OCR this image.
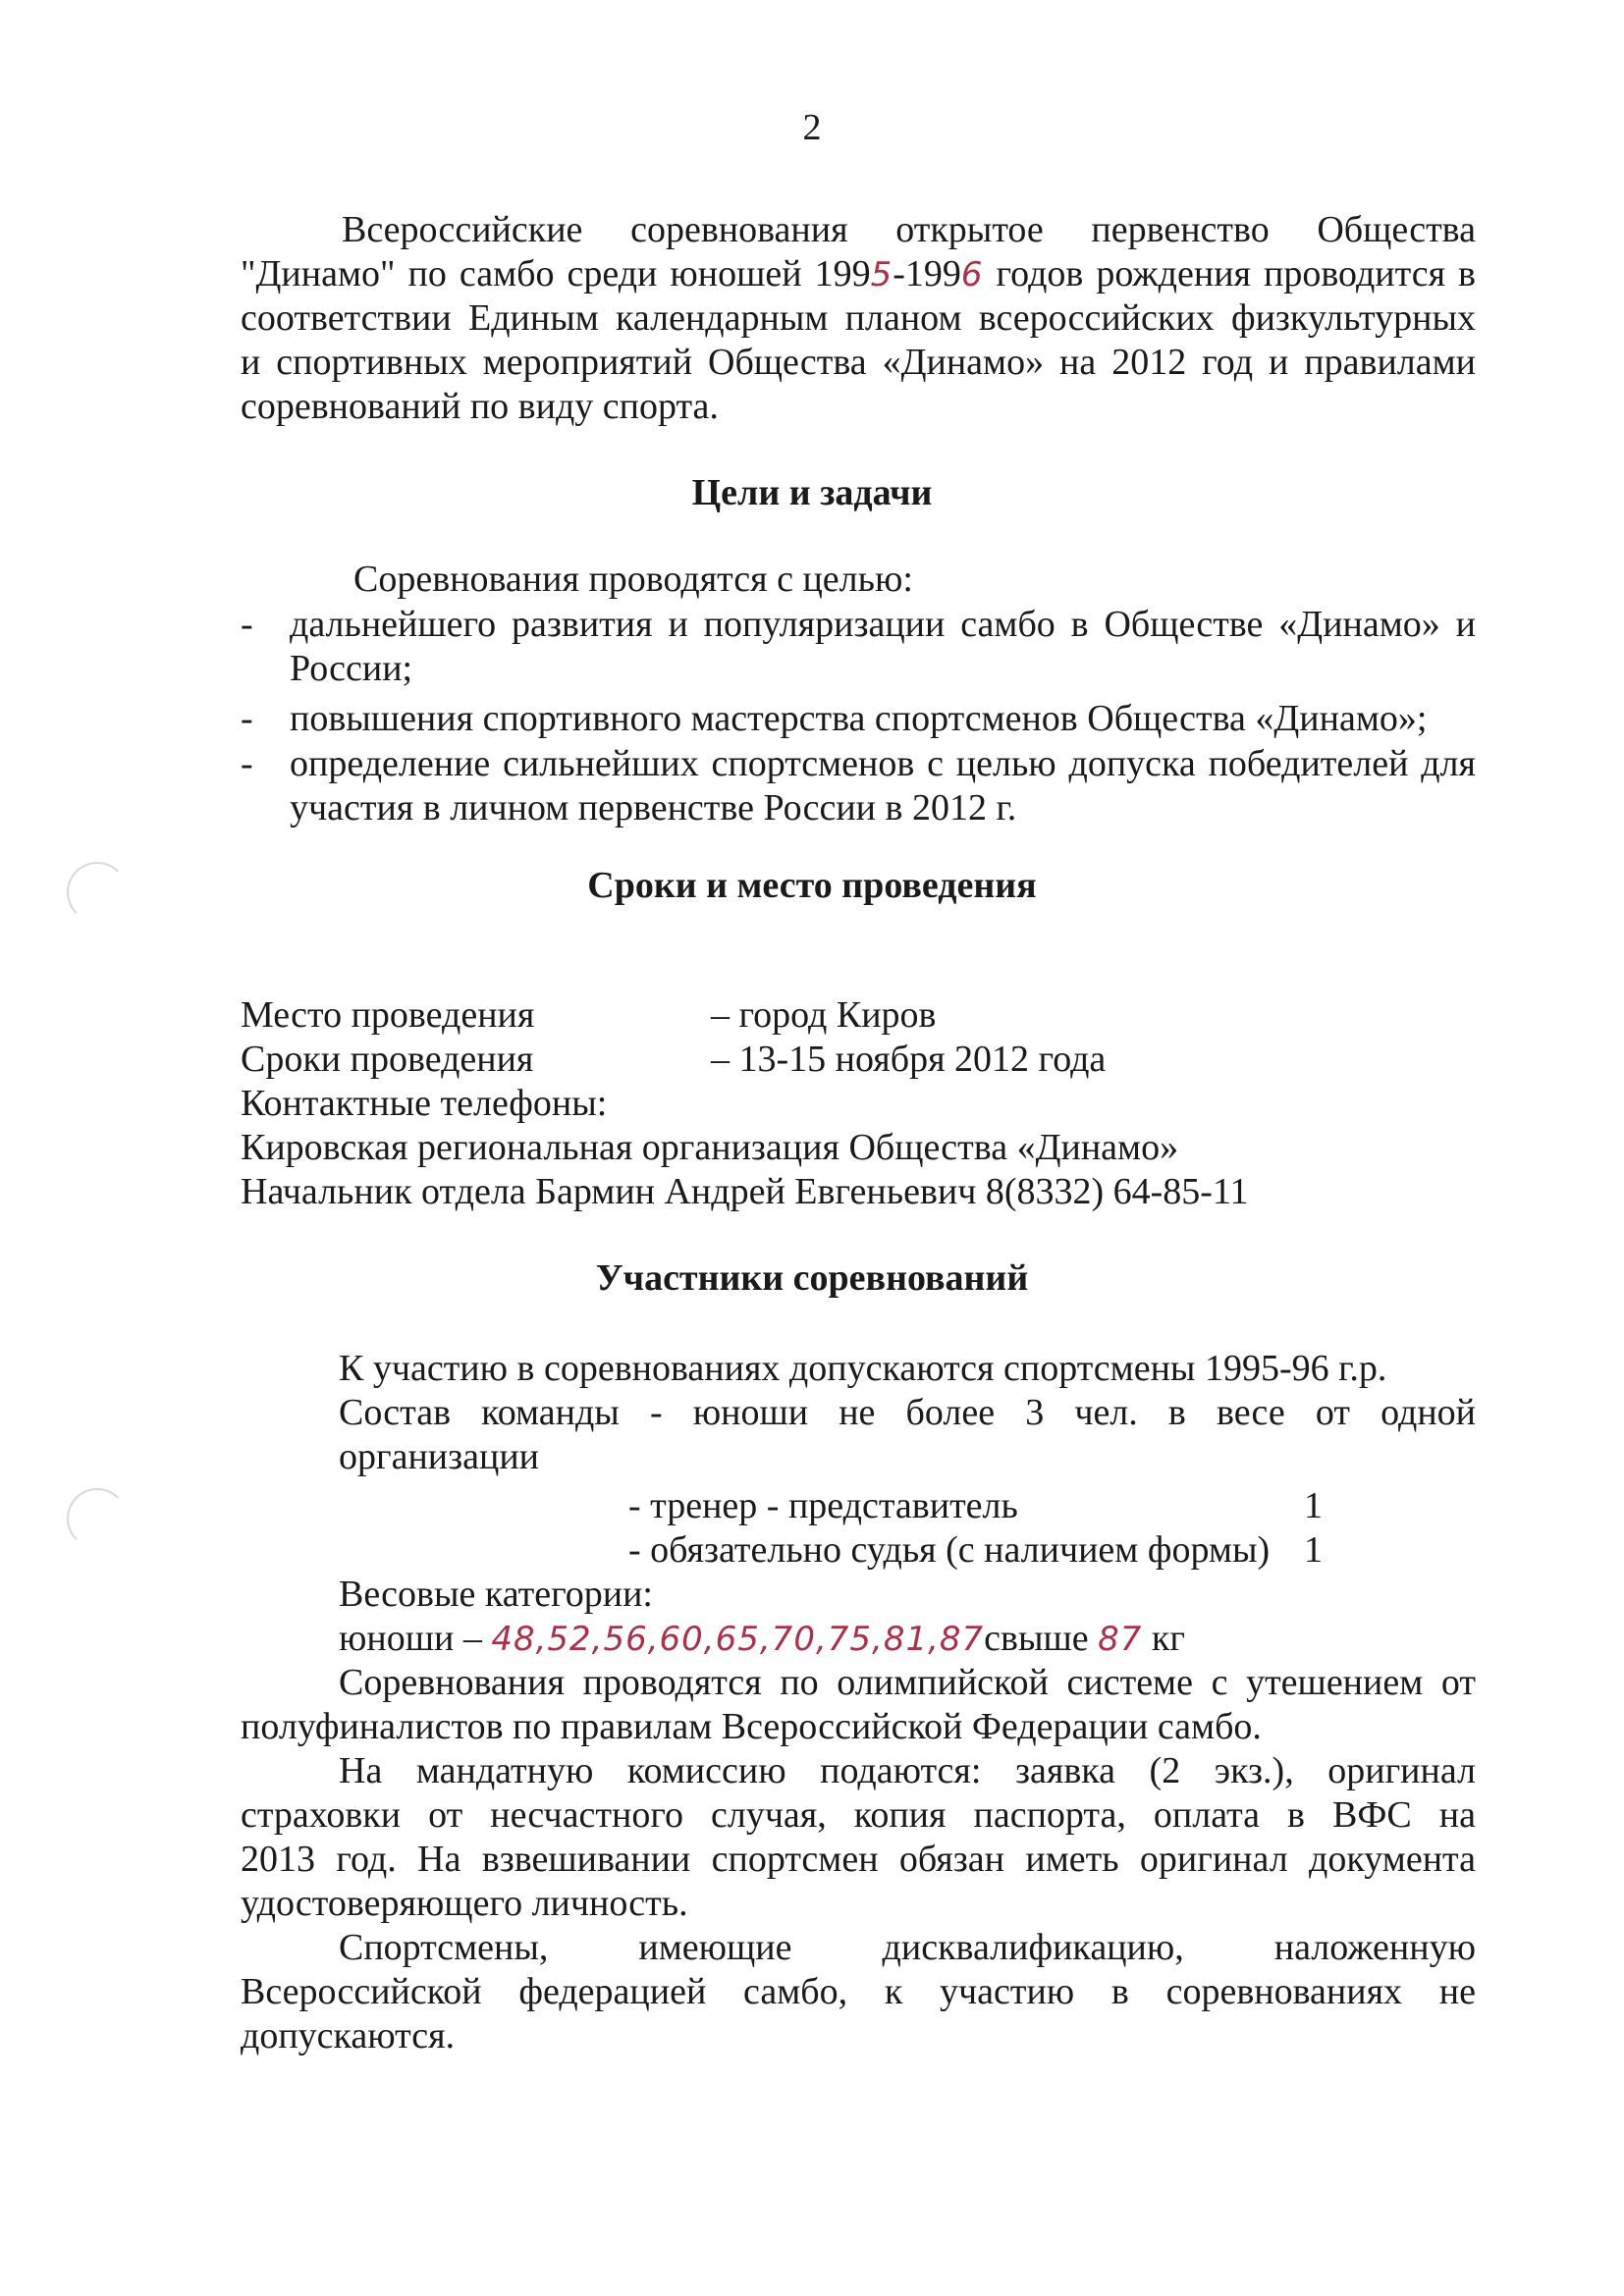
2
Всероссийские соревнования открытое первенство Общества
"Динамо" по самбо среди юношей 1995-1996 годов рождения проводится в
соответствии Единым календарным планом всероссийских физкультурных
и спортивных мероприятий Общества «Динамо» на 2012 год и правилами
соревнований по виду спорта.
Цели и задачи
Соревнования проводятся с целью:
- дальнейшего развития и популяризации самбо в Обществе «Динамо» и России;
- повышения спортивного мастерства спортсменов Общества «Динамо»;
- определение сильнейших спортсменов с целью допуска победителей для участия в личном первенстве России в 2012 г.
Сроки и место проведения
Место проведения	– город Киров
Сроки проведения	– 13-15 ноября 2012 года
Контактные телефоны:
Кировская региональная организация Общества «Динамо»
Начальник отдела Бармин Андрей Евгеньевич 8(8332) 64-85-11
Участники соревнований
К участию в соревнованиях допускаются спортсмены 1995-96 г.р.
Состав команды - юноши не более 3 чел. в весе от одной
организации
- тренер - представитель	1
- обязательно судья (с наличием формы) 1
Весовые категории:
юноши – 48,52,56,60,65,70,75,81,87свыше 87 кг
Соревнования проводятся по олимпийской системе с утешением от
полуфиналистов по правилам Всероссийской Федерации самбо.
На мандатную комиссию подаются: заявка (2 экз.), оригинал
страховки от несчастного случая, копия паспорта, оплата в ВФС на
2013 год. На взвешивании спортсмен обязан иметь оригинал документа
удостоверяющего личность.
Спортсмены, имеющие дисквалификацию, наложенную
Всероссийской федерацией самбо, к участию в соревнованиях не
допускаются.
